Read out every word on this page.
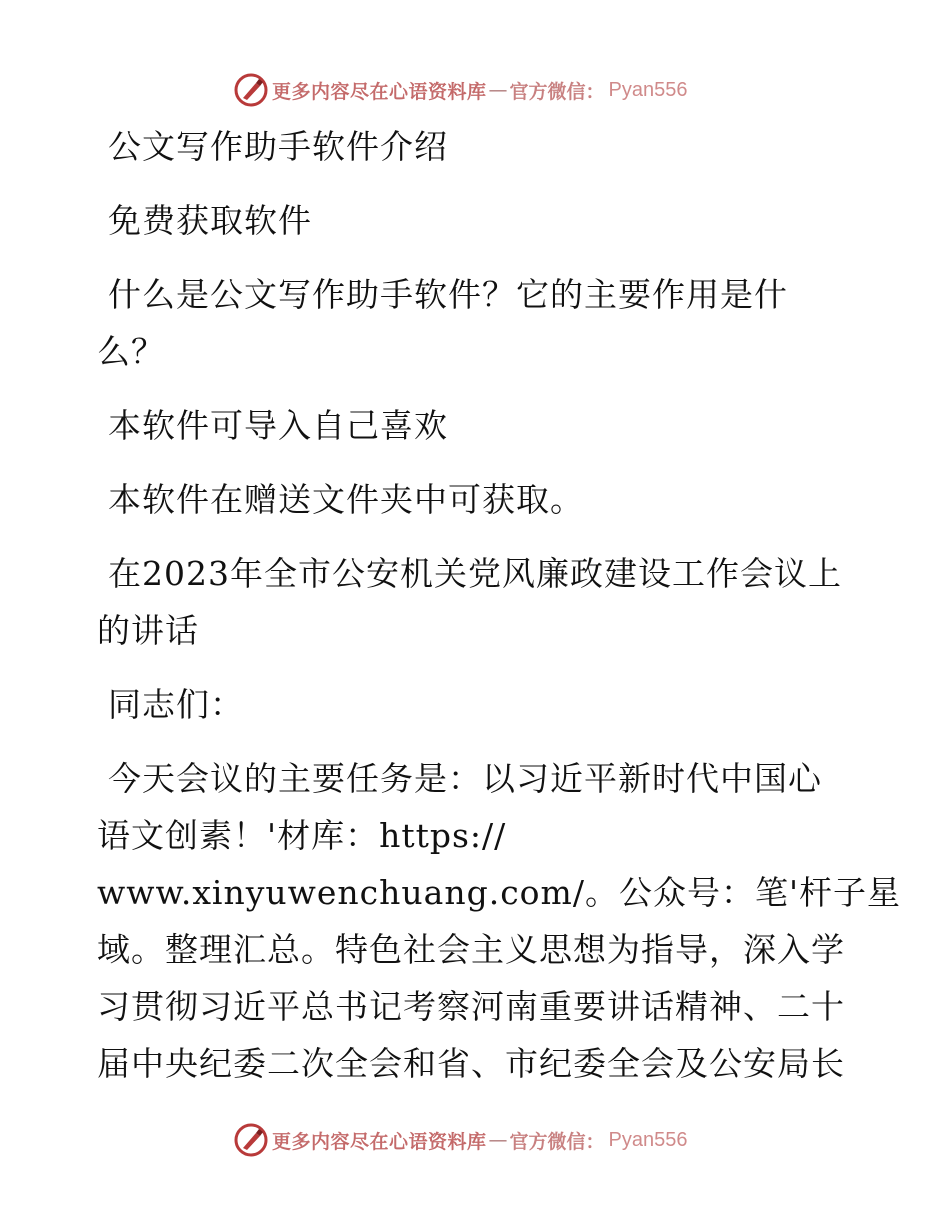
更多内容尽在心语资料库 — 官方微信： Pyan556

公文写作助手软件介绍

免费获取软件

什么是公文写作助手软件？它的主要作用是什
么？

本软件可导入自己喜欢

本软件在赠送文件夹中可获取。

在2023年全市公安机关党风廉政建设工作会议上
的讲话

同志们：

今天会议的主要任务是：以习近平新时代中国心
语文创素！'材库：https://
www.xinyuwenchuang.com/。公众号：笔'杆子星
域。整理汇总。特色社会主义思想为指导，深入学
习贯彻习近平总书记考察河南重要讲话精神、二十
届中央纪委二次全会和省、市纪委全会及公安局长

更多内容尽在心语资料库 — 官方微信： Pyan556
